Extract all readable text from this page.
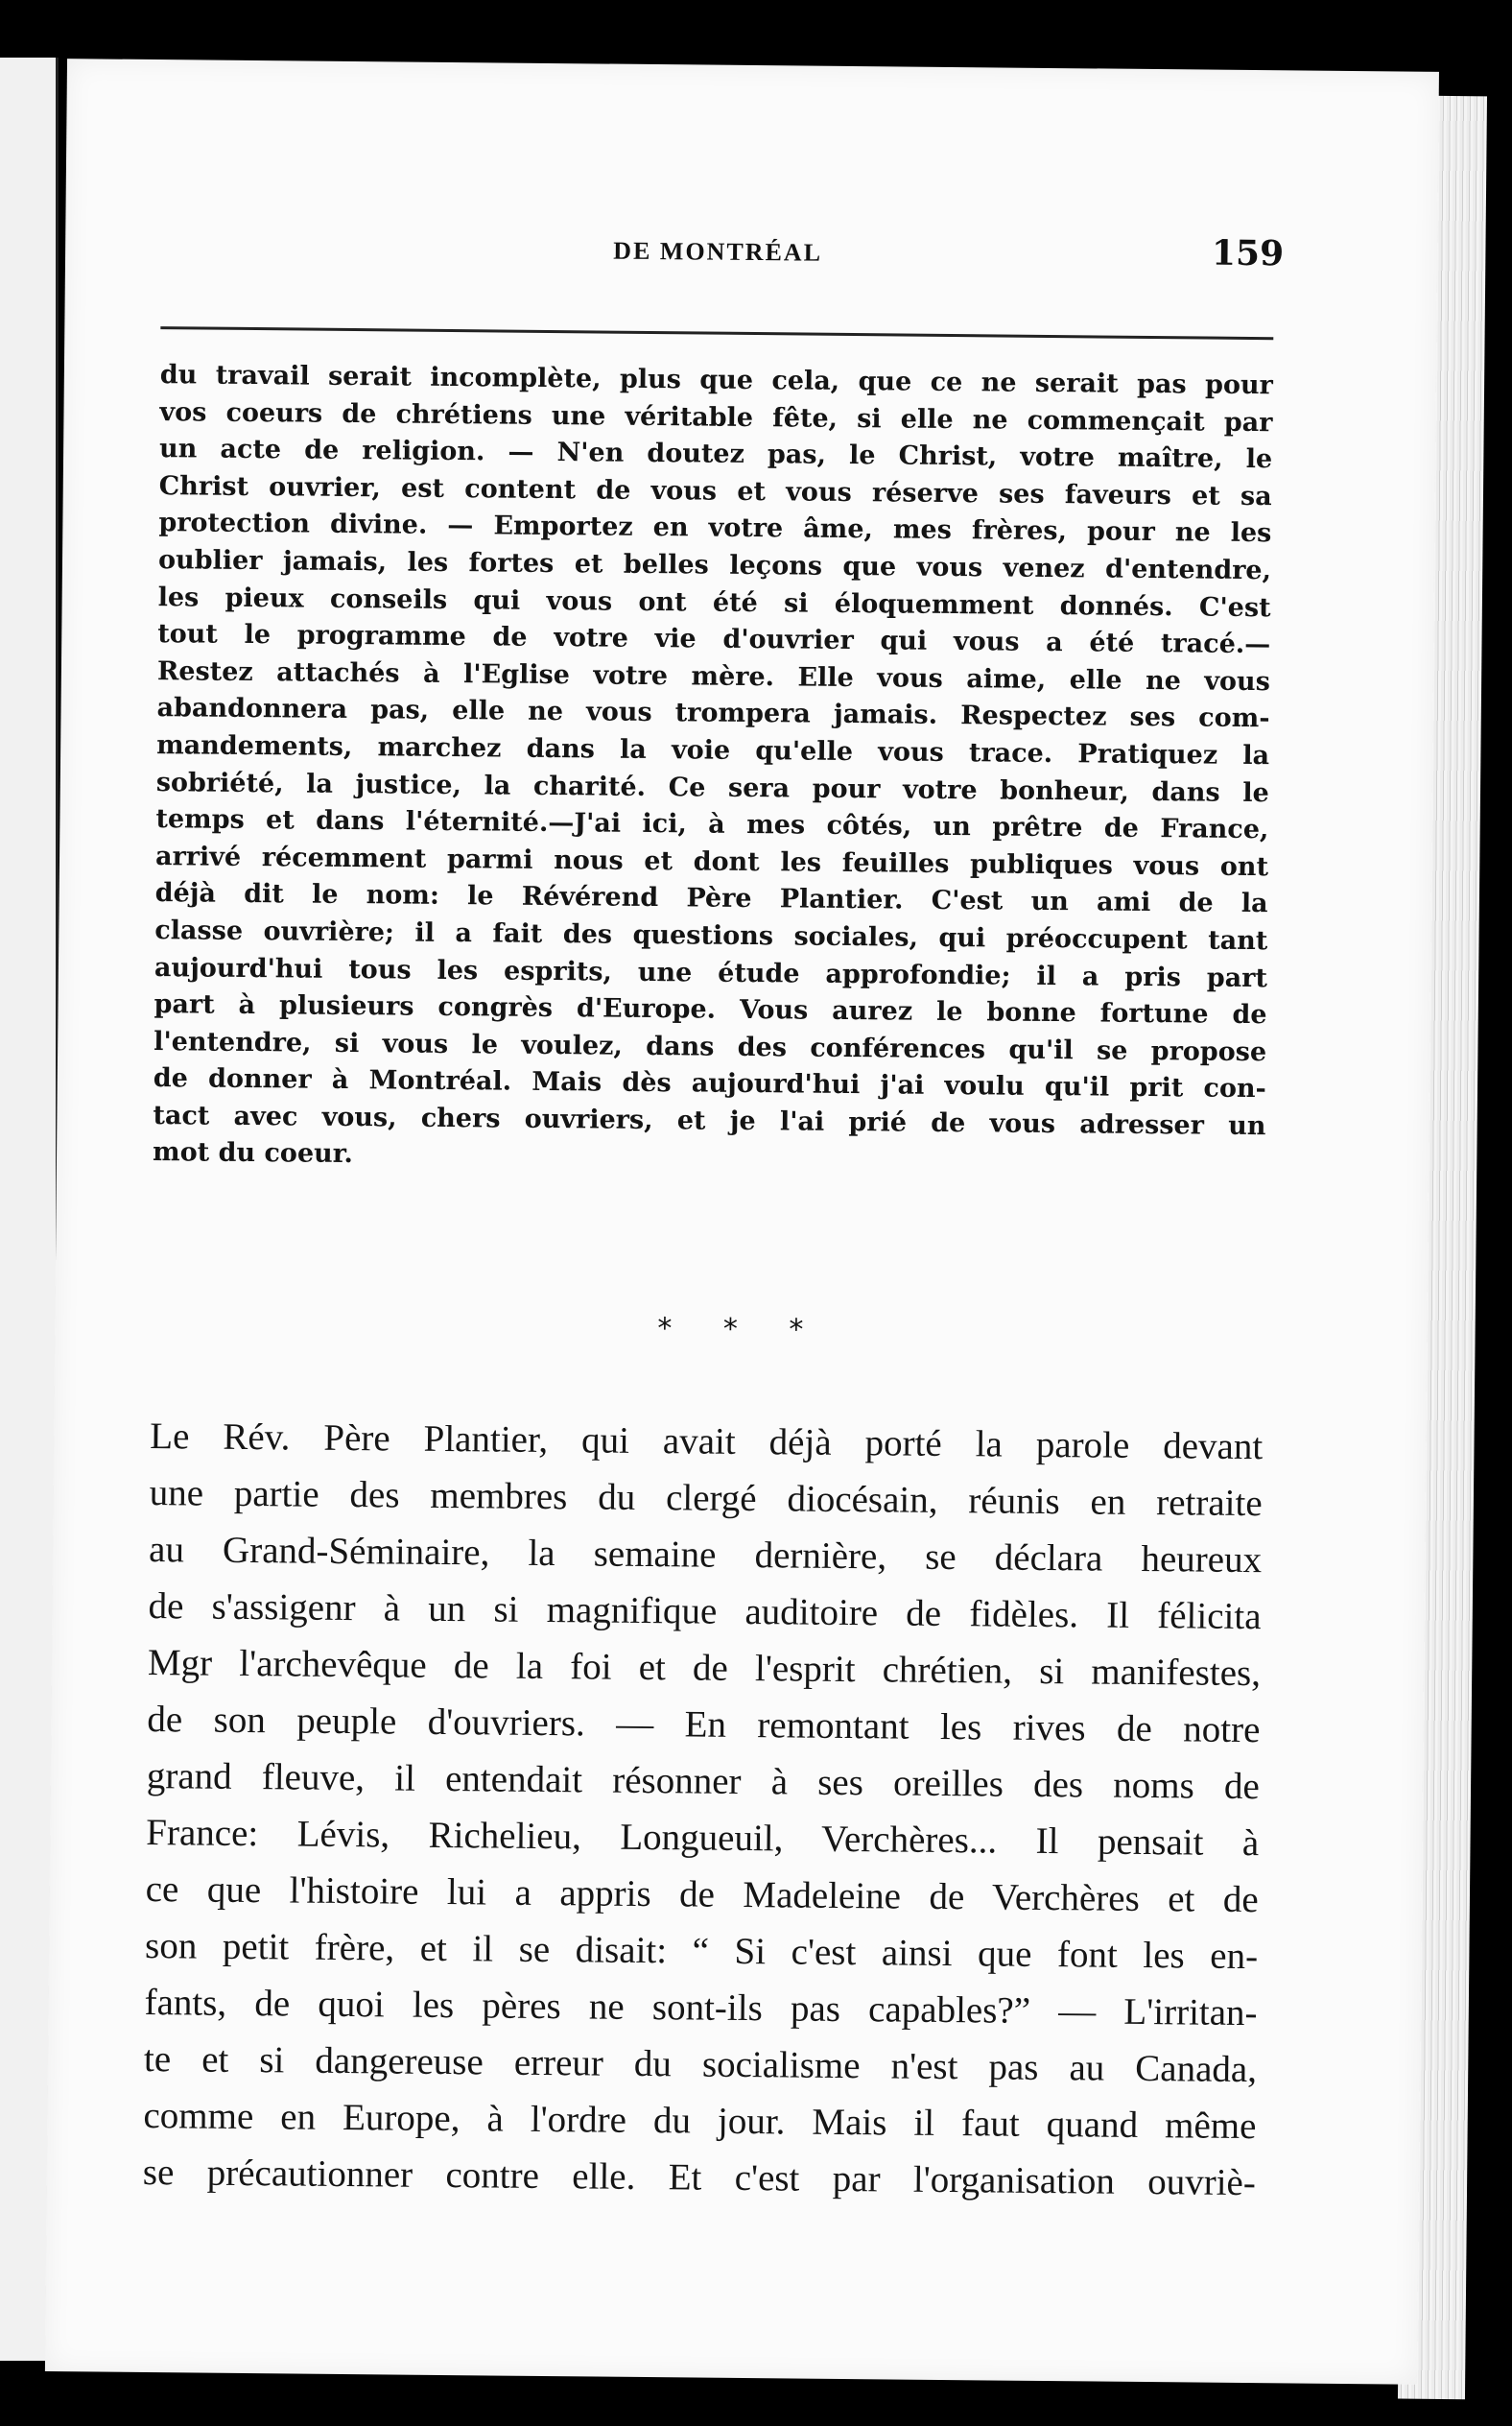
DE MONTRÉAL	159
du travail serait incomplète, plus que cela, que ce ne serait pas pour
vos coeurs de chrétiens une véritable fête, si elle ne commençait par
un acte de religion. — N'en doutez pas, le Christ, votre maître, le
Christ ouvrier, est content de vous et vous réserve ses faveurs et sa
protection divine. — Emportez en votre âme, mes frères, pour ne les
oublier jamais, les fortes et belles leçons que vous venez d'entendre,
les pieux conseils qui vous ont été si éloquemment donnés. C'est
tout le programme de votre vie d'ouvrier qui vous a été tracé.—
Restez attachés à l'Eglise votre mère. Elle vous aime, elle ne vous
abandonnera pas, elle ne vous trompera jamais. Respectez ses com-
mandements, marchez dans la voie qu'elle vous trace. Pratiquez la
sobriété, la justice, la charité. Ce sera pour votre bonheur, dans le
temps et dans l'éternité.—J'ai ici, à mes côtés, un prêtre de France,
arrivé récemment parmi nous et dont les feuilles publiques vous ont
déjà dit le nom: le Révérend Père Plantier. C'est un ami de la
classe ouvrière; il a fait des questions sociales, qui préoccupent tant
aujourd'hui tous les esprits, une étude approfondie; il a pris part
part à plusieurs congrès d'Europe. Vous aurez le bonne fortune de
l'entendre, si vous le voulez, dans des conférences qu'il se propose
de donner à Montréal. Mais dès aujourd'hui j'ai voulu qu'il prit con-
tact avec vous, chers ouvriers, et je l'ai prié de vous adresser un
mot du coeur.
* * *
Le Rév. Père Plantier, qui avait déjà porté la parole devant
une partie des membres du clergé diocésain, réunis en retraite
au Grand-Séminaire, la semaine dernière, se déclara heureux
de s'assigenr à un si magnifique auditoire de fidèles. Il félicita
Mgr l'archevêque de la foi et de l'esprit chrétien, si manifestes,
de son peuple d'ouvriers. — En remontant les rives de notre
grand fleuve, il entendait résonner à ses oreilles des noms de
France: Lévis, Richelieu, Longueuil, Verchères... Il pensait à
ce que l'histoire lui a appris de Madeleine de Verchères et de
son petit frère, et il se disait: “ Si c'est ainsi que font les en-
fants, de quoi les pères ne sont-ils pas capables?” — L'irritan-
te et si dangereuse erreur du socialisme n'est pas au Canada,
comme en Europe, à l'ordre du jour. Mais il faut quand même
se précautionner contre elle. Et c'est par l'organisation ouvriè-
